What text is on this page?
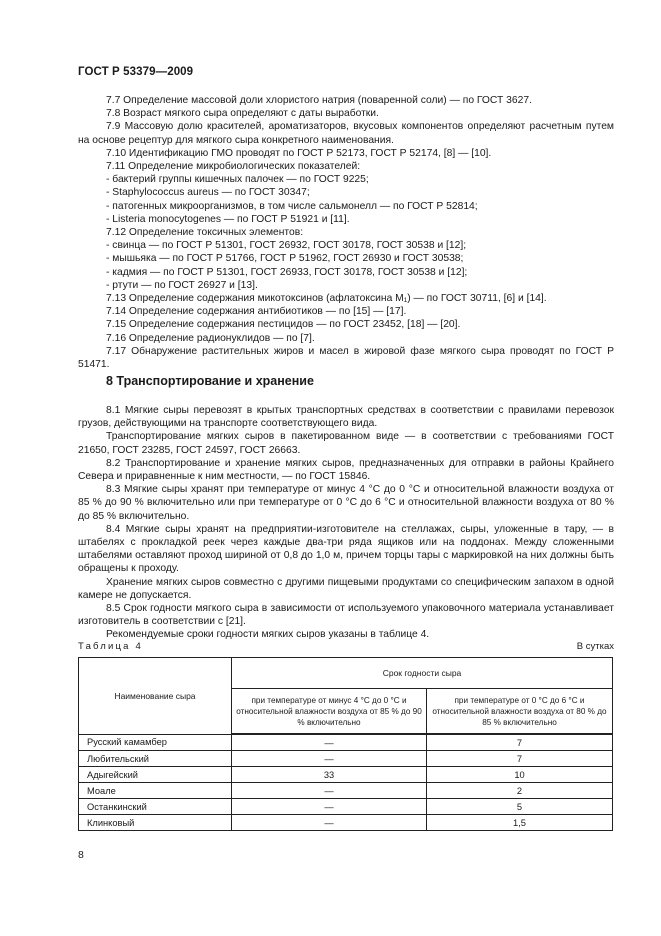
ГОСТ Р 53379—2009

7.7 Определение массовой доли хлористого натрия (поваренной соли) — по ГОСТ 3627.

7.8 Возраст мягкого сыра определяют с даты выработки.

7.9 Массовую долю красителей, ароматизаторов, вкусовых компонентов определяют расчетным путем на основе рецептур для мягкого сыра конкретного наименования.

7.10 Идентификацию ГМО проводят по ГОСТ Р 52173, ГОСТ Р 52174, [8] — [10].

7.11 Определение микробиологических показателей:

- бактерий группы кишечных палочек — по ГОСТ 9225;

- Staphylococcus aureus — по ГОСТ 30347;

- патогенных микроорганизмов, в том числе сальмонелл — по ГОСТ Р 52814;

- Listeria monocytogenes — по ГОСТ Р 51921 и [11].

7.12 Определение токсичных элементов:

- свинца — по ГОСТ Р 51301, ГОСТ 26932, ГОСТ 30178, ГОСТ 30538 и [12];

- мышьяка — по ГОСТ Р 51766, ГОСТ Р 51962, ГОСТ 26930 и ГОСТ 30538;

- кадмия — по ГОСТ Р 51301, ГОСТ 26933, ГОСТ 30178, ГОСТ 30538 и [12];

- ртути — по ГОСТ 26927 и [13].

7.13 Определение содержания микотоксинов (афлатоксина M₁) — по ГОСТ 30711, [6] и [14].

7.14 Определение содержания антибиотиков — по [15] — [17].

7.15 Определение содержания пестицидов — по ГОСТ 23452, [18] — [20].

7.16 Определение радионуклидов — по [7].

7.17 Обнаружение растительных жиров и масел в жировой фазе мягкого сыра проводят по ГОСТ Р 51471.

8 Транспортирование и хранение

8.1 Мягкие сыры перевозят в крытых транспортных средствах в соответствии с правилами перевозок грузов, действующими на транспорте соответствующего вида.

Транспортирование мягких сыров в пакетированном виде — в соответствии с требованиями ГОСТ 21650, ГОСТ 23285, ГОСТ 24597, ГОСТ 26663.

8.2 Транспортирование и хранение мягких сыров, предназначенных для отправки в районы Крайнего Севера и приравненные к ним местности, — по ГОСТ 15846.

8.3 Мягкие сыры хранят при температуре от минус 4 °С до 0 °С и относительной влажности воздуха от 85 % до 90 % включительно или при температуре от 0 °С до 6 °С и относительной влажности воздуха от 80 % до 85 % включительно.

8.4 Мягкие сыры хранят на предприятии-изготовителе на стеллажах, сыры, уложенные в тару, — в штабелях с прокладкой реек через каждые два-три ряда ящиков или на поддонах. Между сложенными штабелями оставляют проход шириной от 0,8 до 1,0 м, причем торцы тары с маркировкой на них должны быть обращены к проходу.

Хранение мягких сыров совместно с другими пищевыми продуктами со специфическим запахом в одной камере не допускается.

8.5 Срок годности мягкого сыра в зависимости от используемого упаковочного материала устанавливает изготовитель в соответствии с [21].

Рекомендуемые сроки годности мягких сыров указаны в таблице 4.

Таблица 4	В сутках
Наименование сыра	Срок годности сыра	
	при температуре от минус 4 °С до 0 °С и относительной влажности воздуха от 85 % до 90 % включительно	при температуре от 0 °С до 6 °С и относительной влажности воздуха от 80 % до 85 % включительно
Русский камамбер	—	7
Любительский	—	7
Адыгейский	33	10
Моале	—	2
Останкинский	—	5
Клинковый	—	1,5
8
